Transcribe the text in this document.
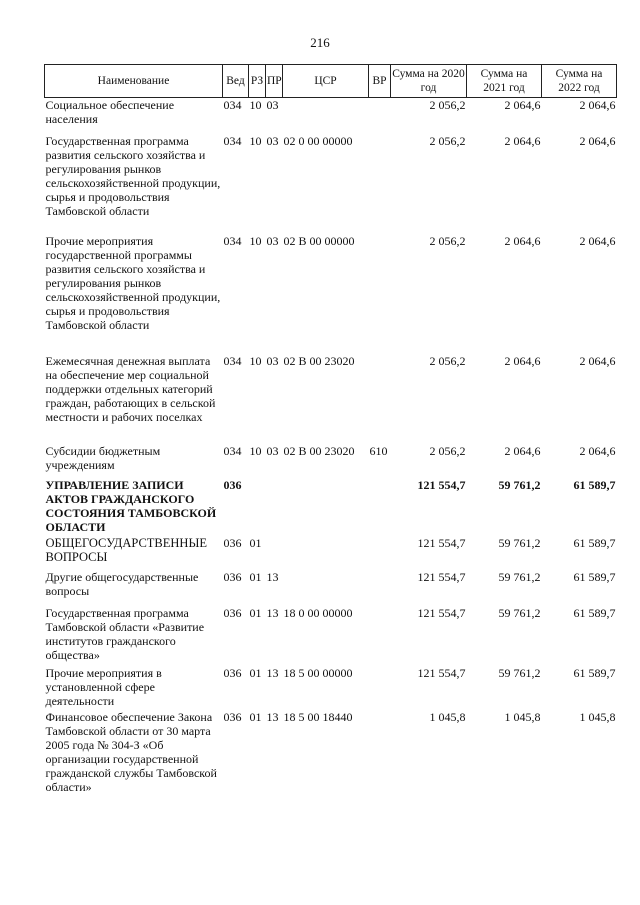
216
Наименование	Вед	РЗ	ПР	ЦСР	ВР	Сумма на 2020 год	Сумма на 2021 год	Сумма на 2022 год
Социальное обеспечение населения	034	10	03			2 056,2	2 064,6	2 064,6
Государственная программа развития сельского хозяйства и регулирования рынков сельскохозяйственной продукции, сырья и продовольствия Тамбовской области	034	10	03	02 0 00 00000		2 056,2	2 064,6	2 064,6
Прочие мероприятия государственной программы развития сельского хозяйства и регулирования рынков сельскохозяйственной продукции, сырья и продовольствия Тамбовской области	034	10	03	02 В 00 00000		2 056,2	2 064,6	2 064,6
Ежемесячная денежная выплата на обеспечение мер социальной поддержки отдельных категорий граждан, работающих в сельской местности и рабочих поселках	034	10	03	02 В 00 23020		2 056,2	2 064,6	2 064,6
Субсидии бюджетным учреждениям	034	10	03	02 В 00 23020	610	2 056,2	2 064,6	2 064,6
УПРАВЛЕНИЕ ЗАПИСИ АКТОВ ГРАЖДАНСКОГО СОСТОЯНИЯ ТАМБОВСКОЙ ОБЛАСТИ	036					121 554,7	59 761,2	61 589,7
ОБЩЕГОСУДАРСТВЕННЫЕ ВОПРОСЫ	036	01				121 554,7	59 761,2	61 589,7
Другие общегосударственные вопросы	036	01	13			121 554,7	59 761,2	61 589,7
Государственная программа Тамбовской области «Развитие институтов гражданского общества»	036	01	13	18 0 00 00000		121 554,7	59 761,2	61 589,7
Прочие мероприятия в установленной сфере деятельности	036	01	13	18 5 00 00000		121 554,7	59 761,2	61 589,7
Финансовое обеспечение Закона Тамбовской области от 30 марта 2005 года № 304-З «Об организации государственной гражданской службы Тамбовской области»	036	01	13	18 5 00 18440		1 045,8	1 045,8	1 045,8
